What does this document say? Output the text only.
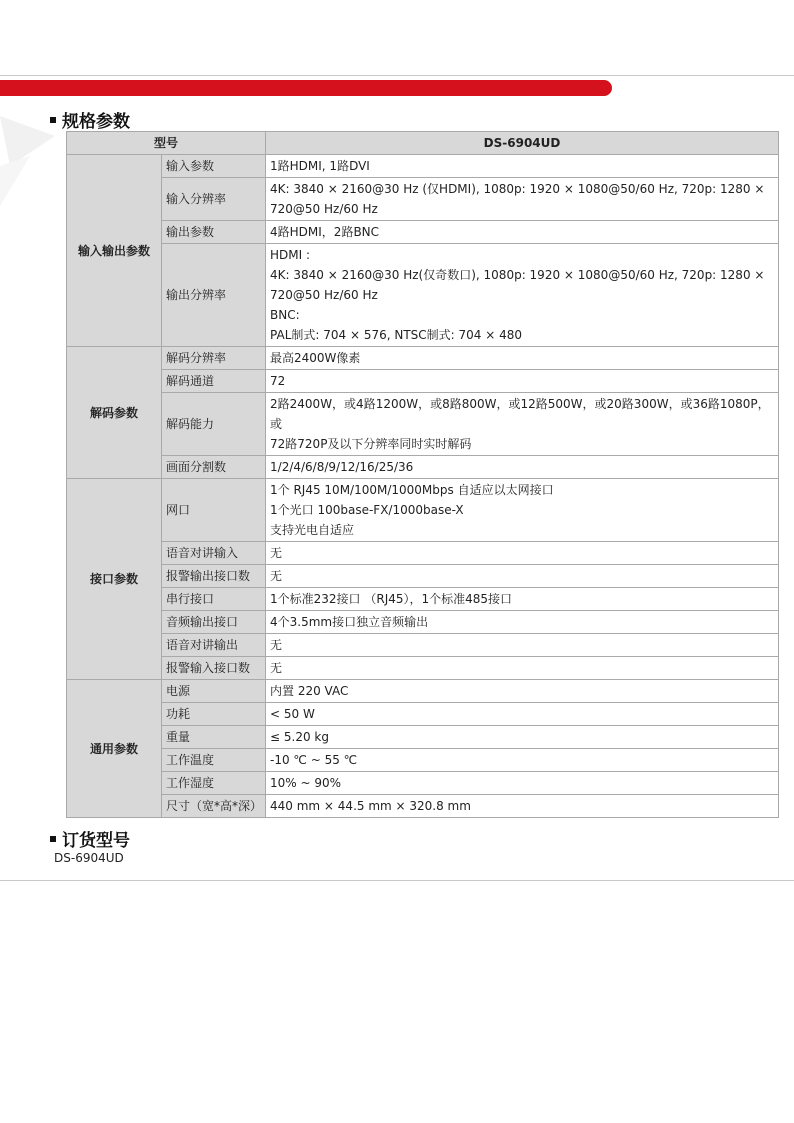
规格参数
型号		DS-6904UD
输入输出参数	输入参数	1路HDMI, 1路DVI
	输入分辨率	4K: 3840 × 2160@30 Hz (仅HDMI), 1080p: 1920 × 1080@50/60 Hz, 720p: 1280 ×
720@50 Hz/60 Hz
	输出参数	4路HDMI，2路BNC
	输出分辨率	HDMI :
4K: 3840 × 2160@30 Hz(仅奇数口), 1080p: 1920 × 1080@50/60 Hz, 720p: 1280 ×
720@50 Hz/60 Hz
BNC:
PAL制式: 704 × 576, NTSC制式: 704 × 480
解码参数	解码分辨率	最高2400W像素
	解码通道	72
	解码能力	2路2400W，或4路1200W，或8路800W，或12路500W，或20路300W，或36路1080P，或
72路720P及以下分辨率同时实时解码
	画面分割数	1/2/4/6/8/9/12/16/25/36
接口参数	网口	1个 RJ45 10M/100M/1000Mbps 自适应以太网接口
1个光口 100base-FX/1000base-X
支持光电自适应
	语音对讲输入	无
	报警输出接口数	无
	串行接口	1个标准232接口 （RJ45），1个标准485接口
	音频输出接口	4个3.5mm接口独立音频输出
	语音对讲输出	无
	报警输入接口数	无
通用参数	电源	内置 220 VAC
	功耗	< 50 W
	重量	≤ 5.20 kg
	工作温度	-10 ℃ ~ 55 ℃
	工作湿度	10% ~ 90%
	尺寸（宽*高*深）	440 mm × 44.5 mm × 320.8 mm
订货型号
DS-6904UD
